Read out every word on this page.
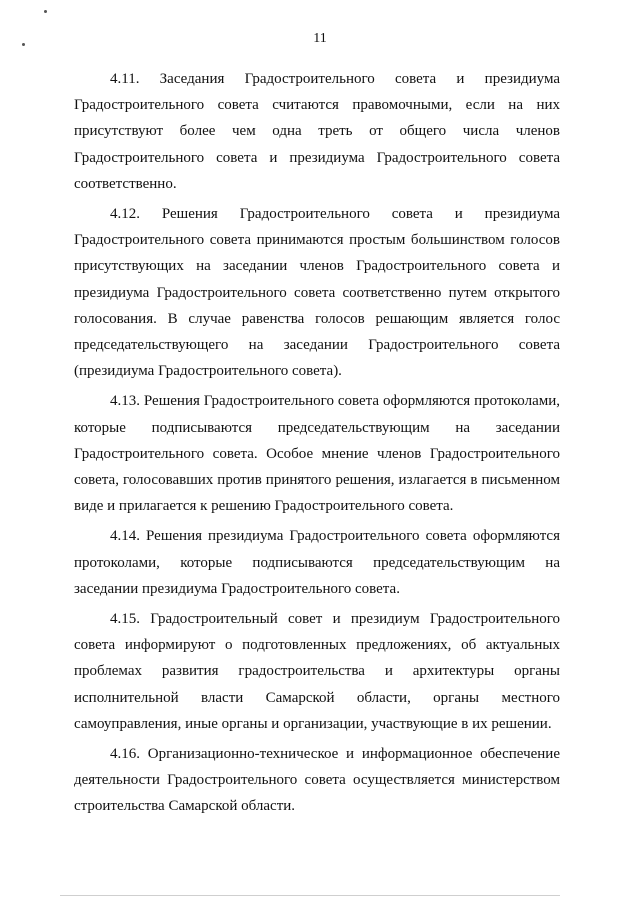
11

4.11. Заседания Градостроительного совета и президиума Градостроительного совета считаются правомочными, если на них присутствуют более чем одна треть от общего числа членов Градостроительного совета и президиума Градостроительного совета соответственно.

4.12. Решения Градостроительного совета и президиума Градостроительного совета принимаются простым большинством голосов присутствующих на заседании членов Градостроительного совета и президиума Градостроительного совета соответственно путем открытого голосования. В случае равенства голосов решающим является голос председательствующего на заседании Градостроительного совета (президиума Градостроительного совета).

4.13. Решения Градостроительного совета оформляются протоколами, которые подписываются председательствующим на заседании Градостроительного совета. Особое мнение членов Градостроительного совета, голосовавших против принятого решения, излагается в письменном виде и прилагается к решению Градостроительного совета.

4.14. Решения президиума Градостроительного совета оформляются протоколами, которые подписываются председательствующим на заседании президиума Градостроительного совета.

4.15. Градостроительный совет и президиум Градостроительного совета информируют о подготовленных предложениях, об актуальных проблемах развития градостроительства и архитектуры органы исполнительной власти Самарской области, органы местного самоуправления, иные органы и организации, участвующие в их решении.

4.16. Организационно-техническое и информационное обеспечение деятельности Градостроительного совета осуществляется министерством строительства Самарской области.
